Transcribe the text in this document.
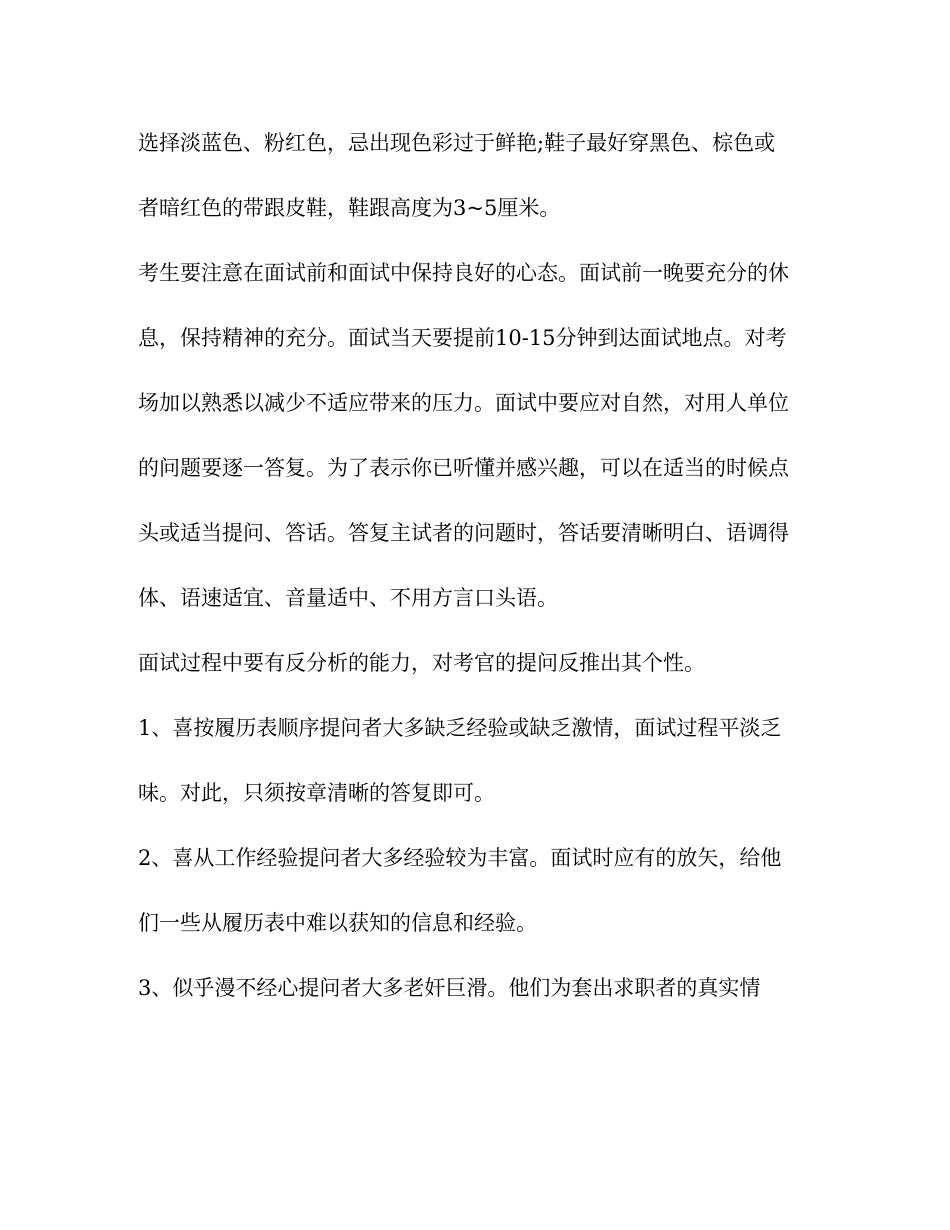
选择淡蓝色、粉红色，忌出现色彩过于鲜艳;鞋子最好穿黑色、棕色或

者暗红色的带跟皮鞋，鞋跟高度为3~5厘米。

考生要注意在面试前和面试中保持良好的心态。面试前一晚要充分的休

息，保持精神的充分。面试当天要提前10-15分钟到达面试地点。对考

场加以熟悉以减少不适应带来的压力。面试中要应对自然，对用人单位

的问题要逐一答复。为了表示你已听懂并感兴趣，可以在适当的时候点

头或适当提问、答话。答复主试者的问题时，答话要清晰明白、语调得

体、语速适宜、音量适中、不用方言口头语。

面试过程中要有反分析的能力，对考官的提问反推出其个性。

1、喜按履历表顺序提问者大多缺乏经验或缺乏激情，面试过程平淡乏

味。对此，只须按章清晰的答复即可。

2、喜从工作经验提问者大多经验较为丰富。面试时应有的放矢，给他

们一些从履历表中难以获知的信息和经验。

3、似乎漫不经心提问者大多老奸巨滑。他们为套出求职者的真实情
